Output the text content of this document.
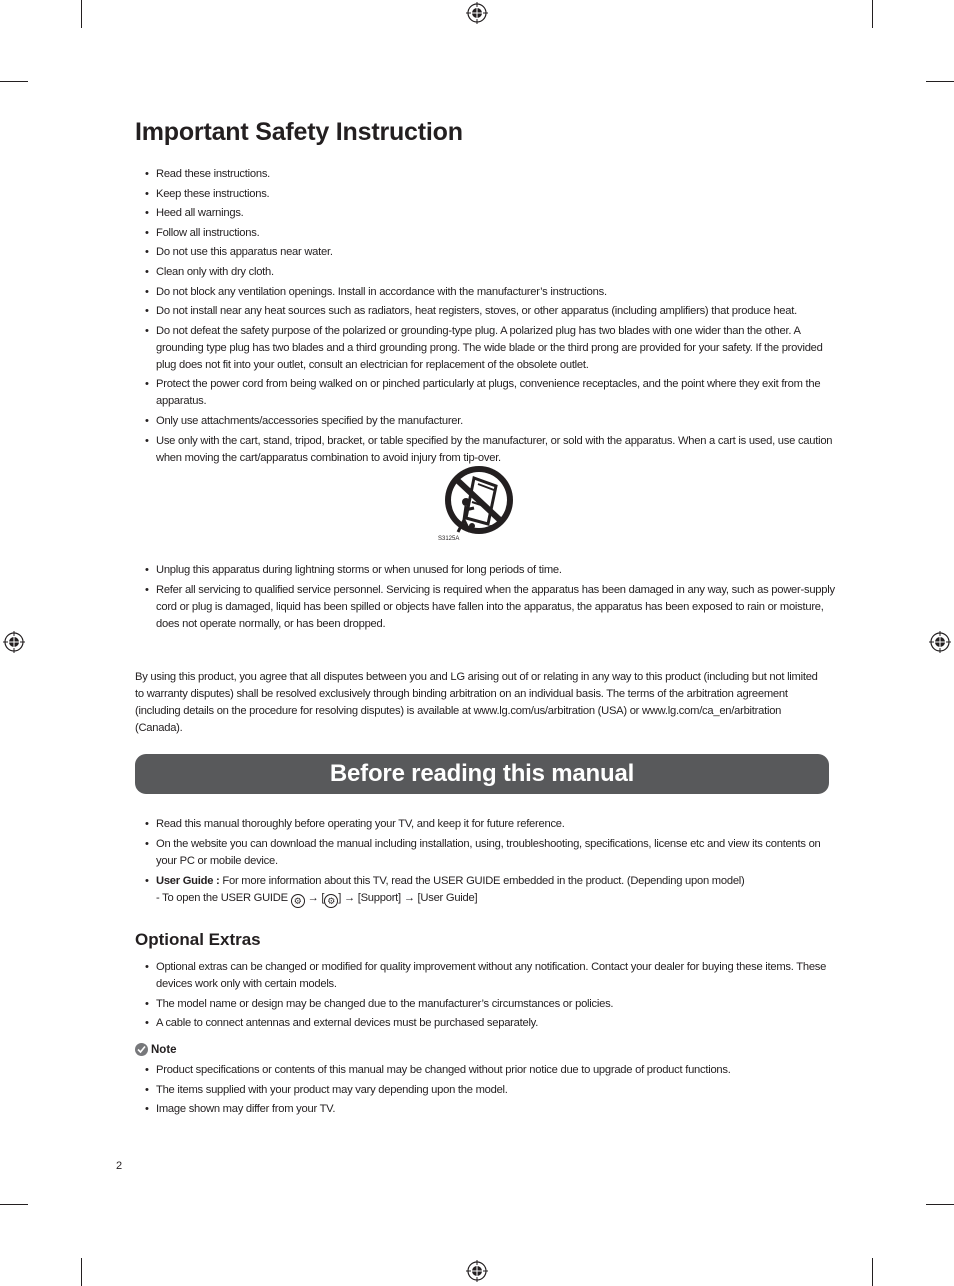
Important Safety Instruction
• Read these instructions.
• Keep these instructions.
• Heed all warnings.
• Follow all instructions.
• Do not use this apparatus near water.
• Clean only with dry cloth.
• Do not block any ventilation openings. Install in accordance with the manufacturer’s instructions.
• Do not install near any heat sources such as radiators, heat registers, stoves, or other apparatus (including amplifiers) that produce heat.
• Do not defeat the safety purpose of the polarized or grounding-type plug. A polarized plug has two blades with one wider than the other. A grounding type plug has two blades and a third grounding prong. The wide blade or the third prong are provided for your safety. If the provided plug does not fit into your outlet, consult an electrician for replacement of the obsolete outlet.
• Protect the power cord from being walked on or pinched particularly at plugs, convenience receptacles, and the point where they exit from the apparatus.
• Only use attachments/accessories specified by the manufacturer.
• Use only with the cart, stand, tripod, bracket, or table specified by the manufacturer, or sold with the apparatus. When a cart is used, use caution when moving the cart/apparatus combination to avoid injury from tip-over.
S3125A
• Unplug this apparatus during lightning storms or when unused for long periods of time.
• Refer all servicing to qualified service personnel. Servicing is required when the apparatus has been damaged in any way, such as power-supply cord or plug is damaged, liquid has been spilled or objects have fallen into the apparatus, the apparatus has been exposed to rain or moisture, does not operate normally, or has been dropped.

By using this product, you agree that all disputes between you and LG arising out of or relating in any way to this product (including but not limited to warranty disputes) shall be resolved exclusively through binding arbitration on an individual basis. The terms of the arbitration agreement (including details on the procedure for resolving disputes) is available at www.lg.com/us/arbitration (USA) or www.lg.com/ca_en/arbitration (Canada).

Before reading this manual
• Read this manual thoroughly before operating your TV, and keep it for future reference.
• On the website you can download the manual including installation, using, troubleshooting, specifications, license etc and view its contents on your PC or mobile device.
• User Guide : For more information about this TV, read the USER GUIDE embedded in the product. (Depending upon model)
- To open the USER GUIDE ⚙ → [ ⚙ ] → [Support] → [User Guide]
Optional Extras
• Optional extras can be changed or modified for quality improvement without any notification. Contact your dealer for buying these items. These devices work only with certain models.
• The model name or design may be changed due to the manufacturer’s circumstances or policies.
• A cable to connect antennas and external devices must be purchased separately.
Note
• Product specifications or contents of this manual may be changed without prior notice due to upgrade of product functions.
• The items supplied with your product may vary depending upon the model.
• Image shown may differ from your TV.
2
